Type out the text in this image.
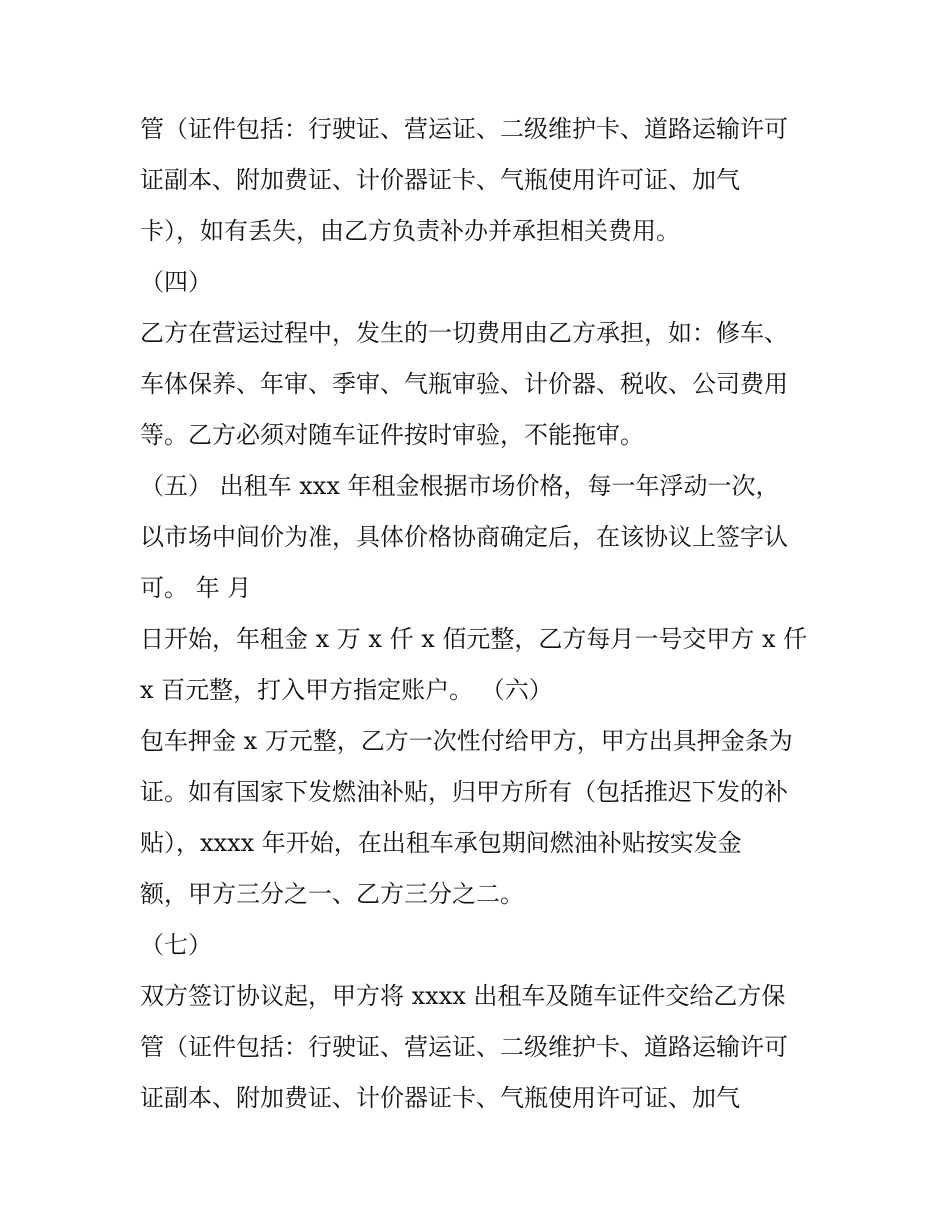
管（证件包括：行驶证、营运证、二级维护卡、道路运输许可

证副本、附加费证、计价器证卡、气瓶使用许可证、加气

卡），如有丢失，由乙方负责补办并承担相关费用。

（四）

乙方在营运过程中，发生的一切费用由乙方承担，如：修车、

车体保养、年审、季审、气瓶审验、计价器、税收、公司费用

等。乙方必须对随车证件按时审验，不能拖审。

（五） 出租车 xxx 年租金根据市场价格，每一年浮动一次，

以市场中间价为准，具体价格协商确定后，在该协议上签字认

可。 年 月

日开始，年租金 x 万 x 仟 x 佰元整，乙方每月一号交甲方 x 仟

x 百元整，打入甲方指定账户。 （六）

包车押金 x 万元整，乙方一次性付给甲方，甲方出具押金条为

证。如有国家下发燃油补贴，归甲方所有（包括推迟下发的补

贴），xxxx 年开始，在出租车承包期间燃油补贴按实发金

额，甲方三分之一、乙方三分之二。

（七）

双方签订协议起，甲方将 xxxx 出租车及随车证件交给乙方保

管（证件包括：行驶证、营运证、二级维护卡、道路运输许可

证副本、附加费证、计价器证卡、气瓶使用许可证、加气
